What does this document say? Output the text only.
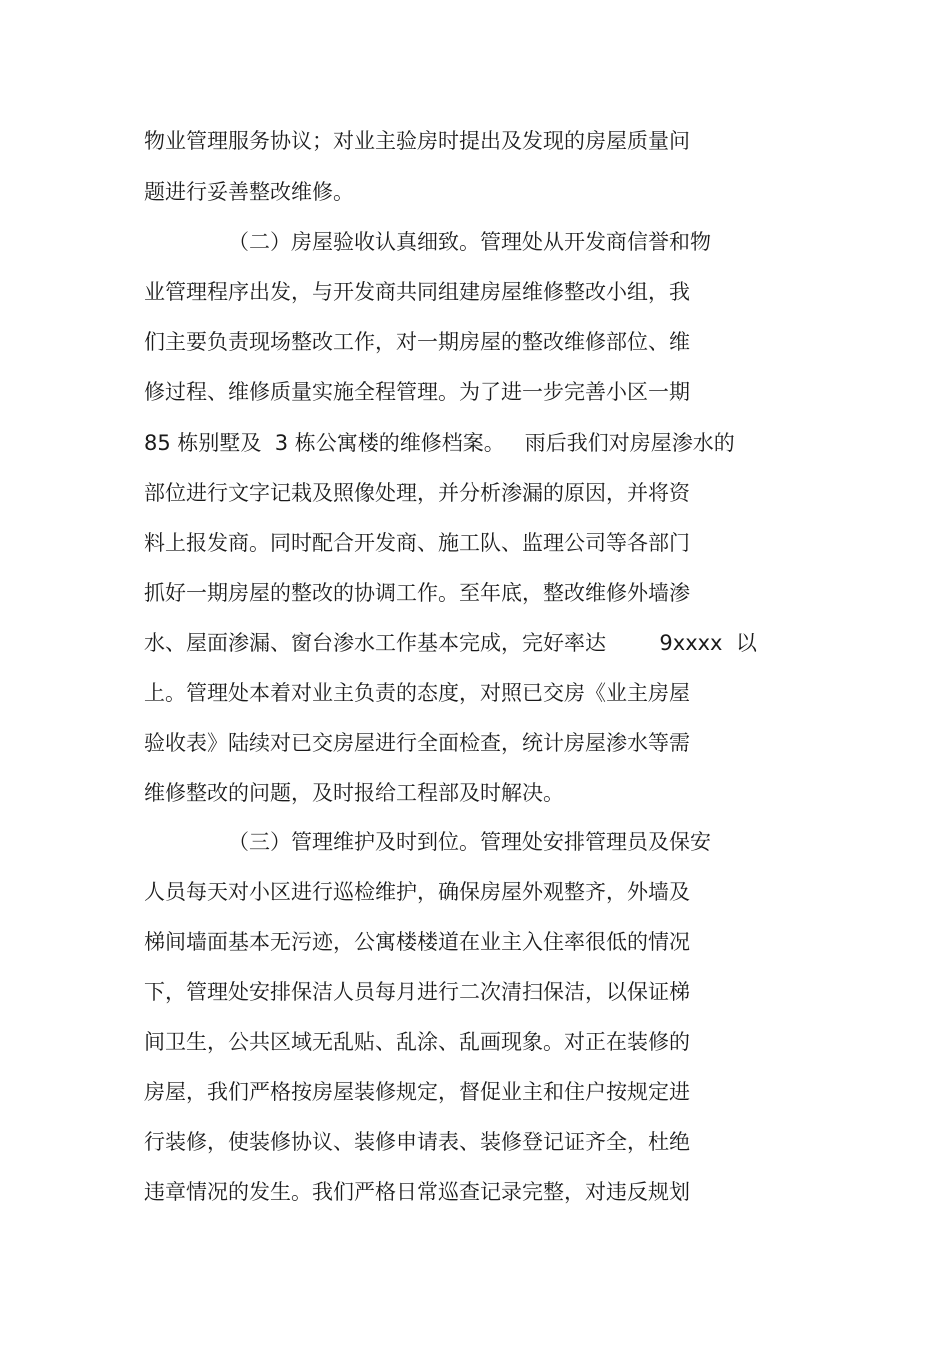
物业管理服务协议；对业主验房时提出及发现的房屋质量问
题进行妥善整改维修。
（二）房屋验收认真细致。管理处从开发商信誉和物
业管理程序出发，与开发商共同组建房屋维修整改小组，我
们主要负责现场整改工作，对一期房屋的整改维修部位、维
修过程、维修质量实施全程管理。为了进一步完善小区一期
85 栋别墅及  3 栋公寓楼的维修档案。   雨后我们对房屋渗水的
部位进行文字记栽及照像处理，并分析渗漏的原因，并将资
料上报发商。同时配合开发商、施工队、监理公司等各部门
抓好一期房屋的整改的协调工作。至年底，整改维修外墙渗
水、屋面渗漏、窗台渗水工作基本完成，完好率达        9xxxx  以
上。管理处本着对业主负责的态度，对照已交房《业主房屋
验收表》陆续对已交房屋进行全面检查，统计房屋渗水等需
维修整改的问题，及时报给工程部及时解决。
（三）管理维护及时到位。管理处安排管理员及保安
人员每天对小区进行巡检维护，确保房屋外观整齐，外墙及
梯间墙面基本无污迹，公寓楼楼道在业主入住率很低的情况
下，管理处安排保洁人员每月进行二次清扫保洁，以保证梯
间卫生，公共区域无乱贴、乱涂、乱画现象。对正在装修的
房屋，我们严格按房屋装修规定，督促业主和住户按规定进
行装修，使装修协议、装修申请表、装修登记证齐全，杜绝
违章情况的发生。我们严格日常巡查记录完整，对违反规划
